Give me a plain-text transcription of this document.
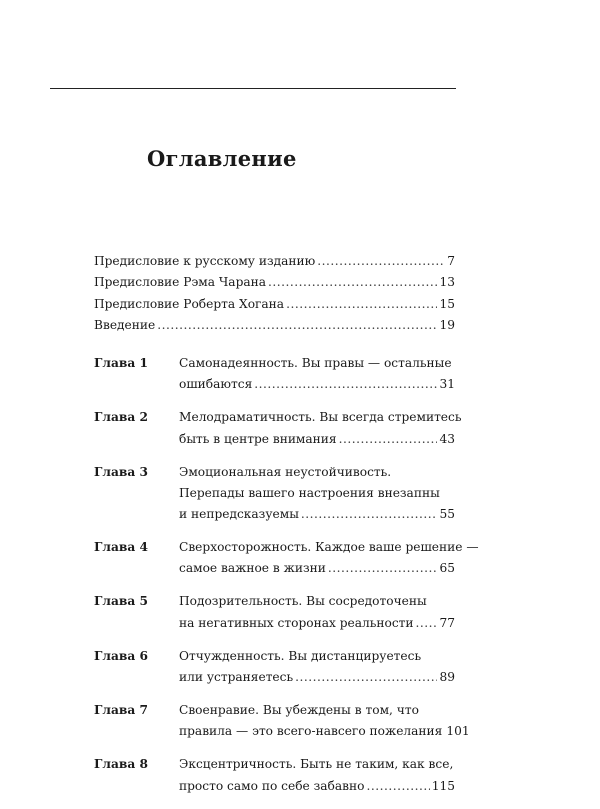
Оглавление
Предисловие к русскому изданию .....	7
Предисловие Рэма Чарана .....	13
Предисловие Роберта Хогана .....	15
Введение .....	19
Глава 1	Самонадеянность. Вы правы — остальные
ошибаются .....	31
Глава 2	Мелодраматичность. Вы всегда стремитесь
быть в центре внимания .....	43
Глава 3	Эмоциональная неустойчивость.
Перепады вашего настроения внезапны
и непредсказуемы .....	55
Глава 4	Сверхосторожность. Каждое ваше решение —
самое важное в жизни .....	65
Глава 5	Подозрительность. Вы сосредоточены
на негативных сторонах реальности ..... 77
Глава 6	Отчужденность. Вы дистанцируетесь
или устраняетесь .....	89
Глава 7	Своенравие. Вы убеждены в том, что
правила — это всего-навсего пожелания 101
Глава 8	Эксцентричность. Быть не таким, как все,
просто само по себе забавно .....	115
